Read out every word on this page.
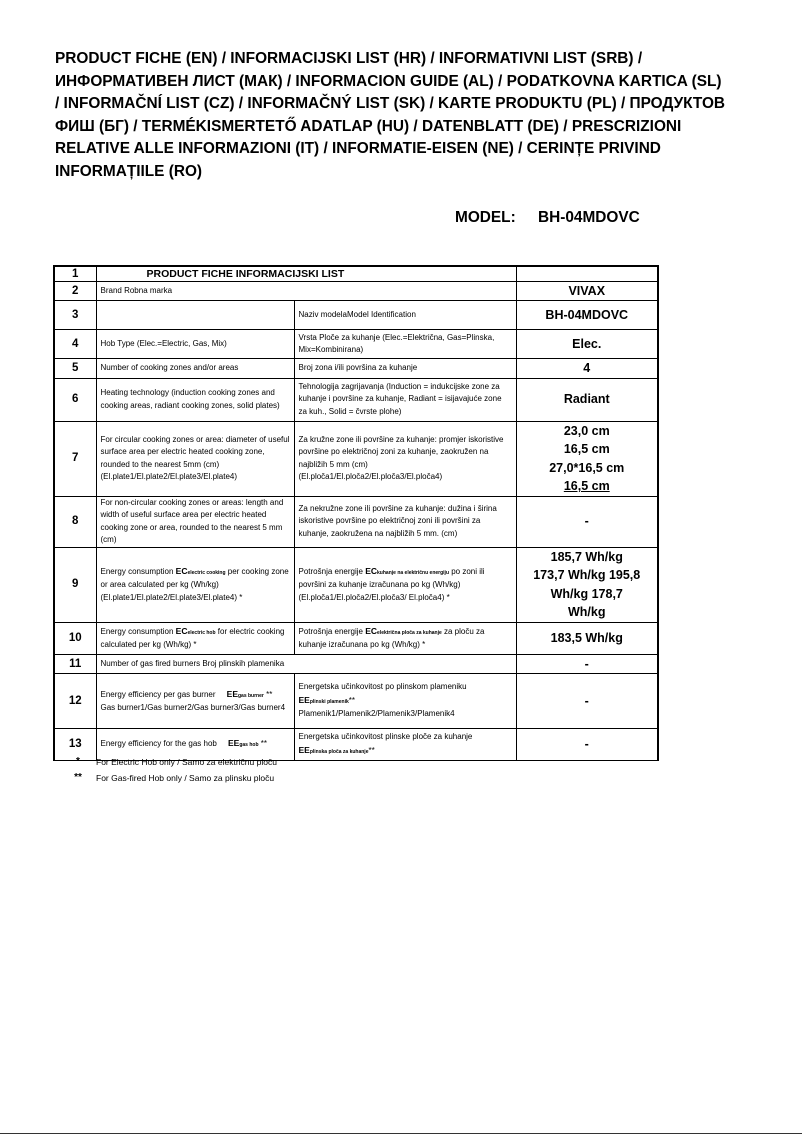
PRODUCT FICHE (EN) / INFORMACIJSKI LIST (HR) / INFORMATIVNI LIST (SRB) /
ИНФОРМАТИВЕН ЛИСТ (МАК) / INFORMACION GUIDE (AL) / PODATKOVNA KARTICA (SL)
/ INFORMAČNÍ LIST (CZ) / INFORMAČNÝ LIST (SK) / KARTE PRODUKTU (PL) / ПРОДУКТОВ
ФИШ (БГ) / TERMÉKISMERTETŐ ADATLAP (HU) / DATENBLATT (DE) / PRESCRIZIONI
RELATIVE ALLE INFORMAZIONI (IT) / INFORMATIE-EISEN (NE) / CERINȚE PRIVIND
INFORMAȚIILE (RO)
MODEL: BH-04MDOVC
1	PRODUCT FICHE INFORMACIJSKI LIST		
2	Brand Robna marka		VIVAX
3		Naziv modelaModel Identification	BH-04MDOVC
4	Hob Type (Elec.=Electric, Gas, Mix)	Vrsta Ploče za kuhanje (Elec.=Električna, Gas=Plinska, Mix=Kombinirana)	Elec.
5	Number of cooking zones and/or areas	Broj zona i/ili površina za kuhanje	4
6	Heating technology (induction cooking zones and cooking areas, radiant cooking zones, solid plates)	Tehnologija zagrijavanja (Induction = indukcijske zone za kuhanje i površine za kuhanje, Radiant = isijavajuće zone za kuh., Solid = čvrste plohe)	Radiant
7	For circular cooking zones or area: diameter of useful surface area per electric heated cooking zone, rounded to the nearest 5mm (cm) (El.plate1/El.plate2/El.plate3/El.plate4)	Za kružne zone ili površine za kuhanje: promjer iskoristive površine po električnoj zoni za kuhanje, zaokružen na najbližih 5 mm (cm) (El.ploča1/El.ploča2/El.ploča3/El.ploča4)	23,0 cm
16,5 cm
27,0*16,5 cm
16,5 cm

8	For non-circular cooking zones or areas: length and width of useful surface area per electric heated cooking zone or area, rounded to the nearest 5 mm (cm)	Za nekružne zone ili površine za kuhanje: dužina i širina iskoristive površine po električnoj zoni ili površini za kuhanje, zaokružena na najbližih 5 mm. (cm)	-
9	Energy consumption ECelectric cooking per cooking zone or area calculated per kg (Wh/kg) (El.plate1/El.plate2/El.plate3/El.plate4) *	Potrošnja energije ECkuhanje na električnu energiju po zoni ili površini za kuhanje izračunana po kg (Wh/kg) (El.ploča1/El.ploča2/El.ploča3/ El.ploča4) *	185,7 Wh/kg
173,7 Wh/kg 195,8
Wh/kg 178,7
Wh/kg

10	Energy consumption ECelectric hob for electric cooking calculated per kg (Wh/kg) *	Potrošnja energije ECelektrična ploča za kuhanje za ploču za kuhanje izračunana po kg (Wh/kg) *	183,5 Wh/kg
11	Number of gas fired burners Broj plinskih plamenika		-
12	Energy efficiency per gas burner EEgas burner **
Gas burner1/Gas burner2/Gas burner3/Gas burner4	Energetska učinkovitost po plinskom plameniku
EEplinski plamenik**
Plamenik1/Plamenik2/Plamenik3/Plamenik4	-
13	Energy efficiency for the gas hob EEgas hob **	Energetska učinkovitost plinske ploče za kuhanje
EEplinska ploča za kuhanje**	-
*	For Electric Hob only / Samo za električnu ploču
**	For Gas-fired Hob only / Samo za plinsku ploču
